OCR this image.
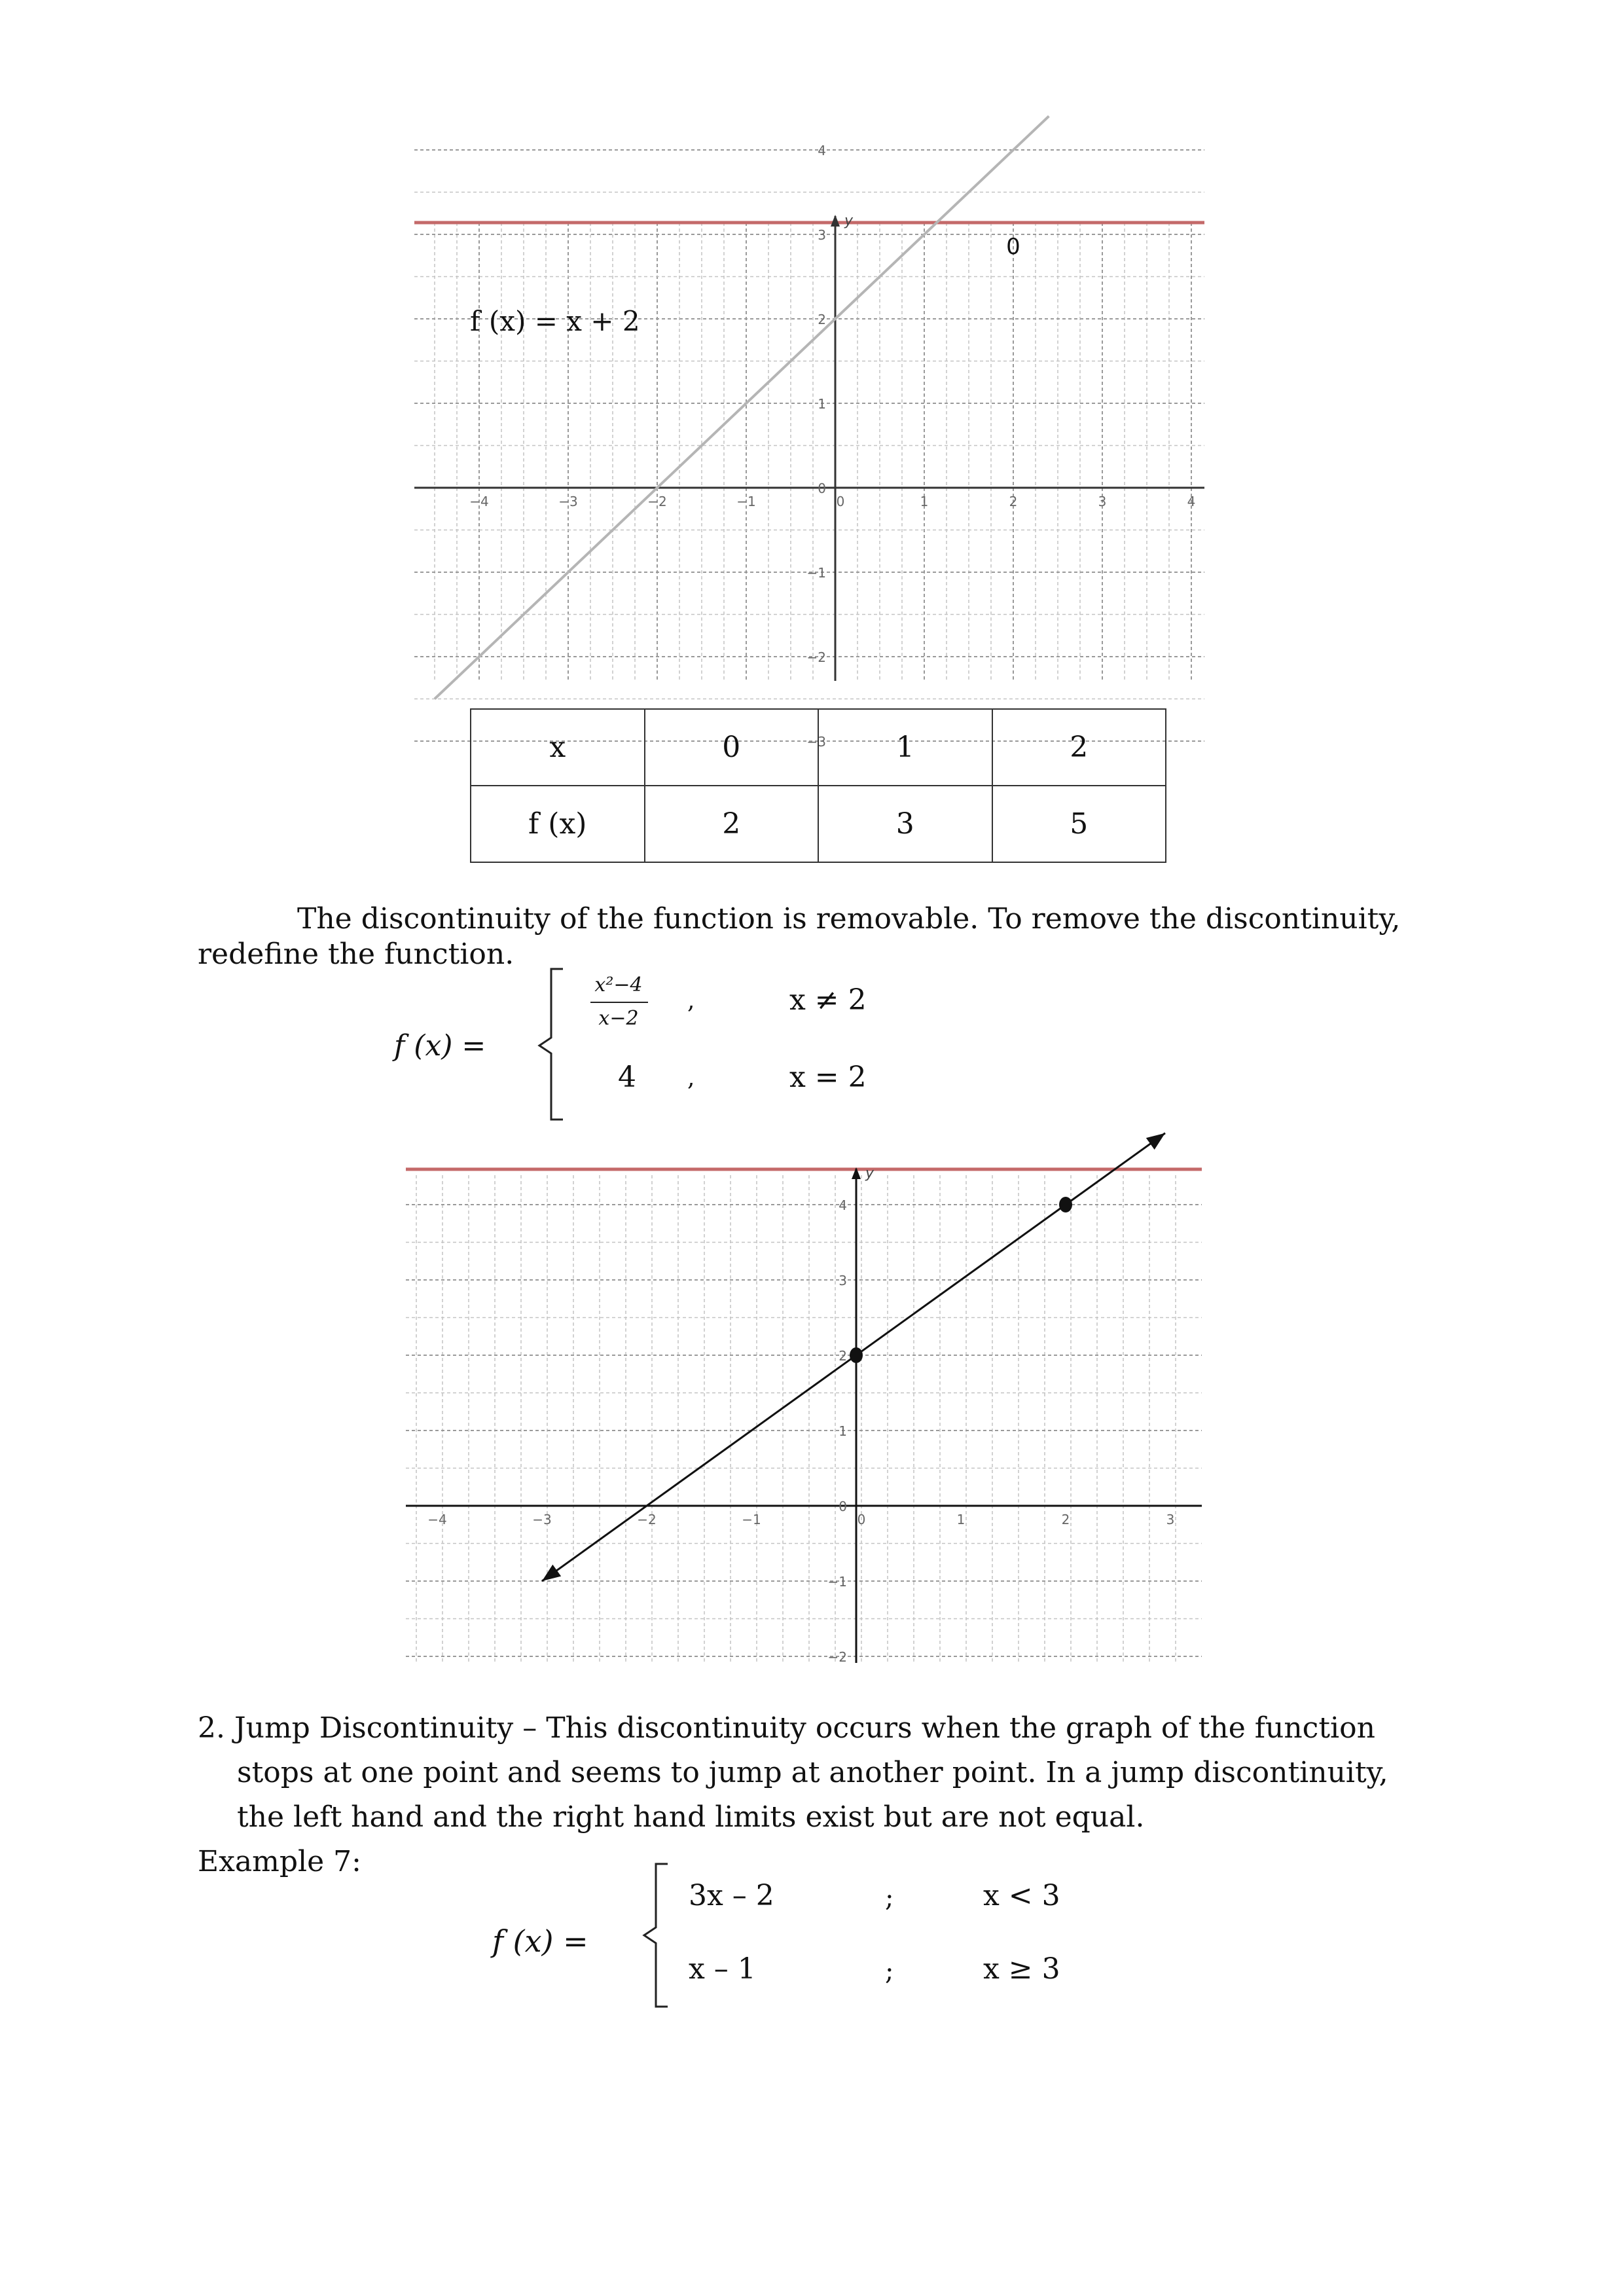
y
−4	−3	−2	−1	0	1	2	3	4
4
3
2
1
0
−1
−2
−3
0
f (x) = x + 2
x	0	1	2
f (x)	2	3	5
The discontinuity of the function is removable. To remove the discontinuity,
redefine the function.
f (x) =
x²−4
x−2
,	x ≠ 2
4 ,	x = 2
y
−4	−3	−2	−1	0	1	2	3
4
3
2
1
0
−1
−2
2. Jump Discontinuity – This discontinuity occurs when the graph of the function
stops at one point and seems to jump at another point. In a jump discontinuity,
the left hand and the right hand limits exist but are not equal.
Example 7:
f (x) =
3x – 2	;	x < 3
x – 1	;	x ≥ 3
